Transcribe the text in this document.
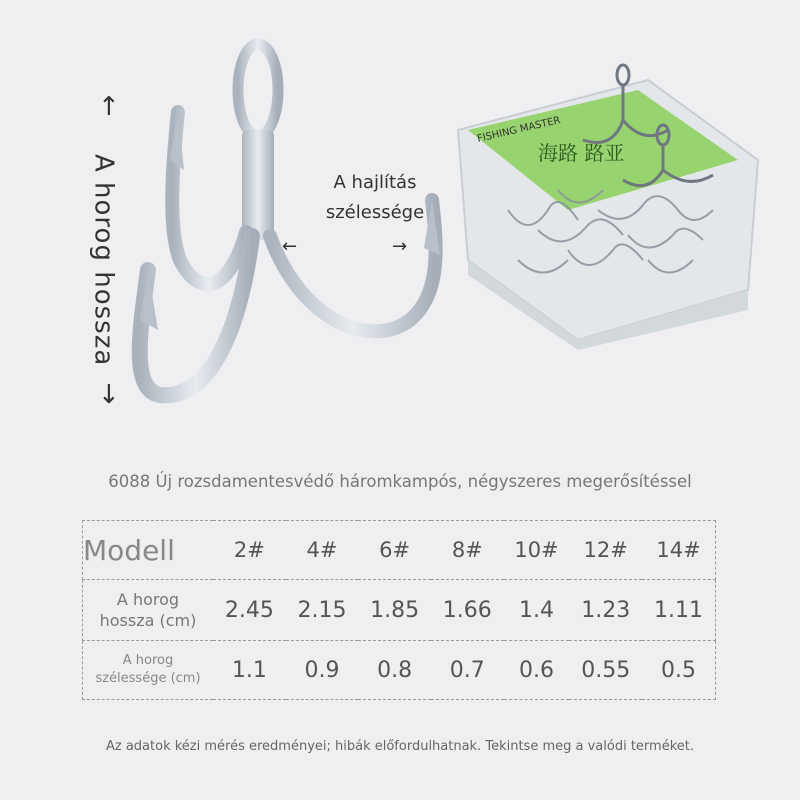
↑
A horog hossza
↓
A hajlítás
szélessége
←	→
FISHING MASTER
海路 路亚
6088 Új rozsdamentesvédő háromkampós, négyszeres megerősítéssel
Modell	2#	4#	6#	8#	10#	12#	14#

A horog
hossza (cm)	2.45	2.15	1.85	1.66	1.4	1.23	1.11

A horog
szélessége (cm)	1.1	0.9	0.8	0.7	0.6	0.55	0.5
Az adatok kézi mérés eredményei; hibák előfordulhatnak. Tekintse meg a valódi terméket.
